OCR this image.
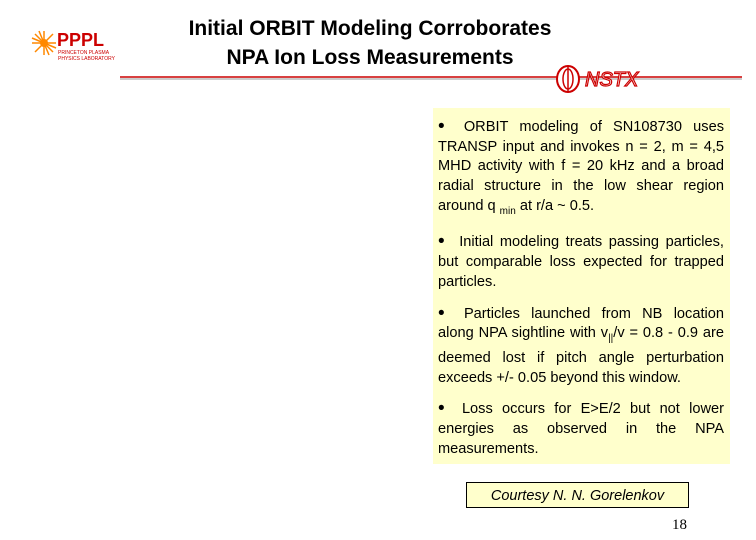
PPPL
PRINCETON PLASMA
PHYSICS LABORATORY
Initial ORBIT Modeling Corroborates
NPA Ion Loss Measurements
NSTX

• ORBIT modeling of SN108730 uses TRANSP input and invokes n = 2, m = 4,5 MHD activity with f = 20 kHz and a broad radial structure in the low shear region around q $_{min}$ at r/a ~ 0.5.

• Initial modeling treats passing particles, but comparable loss expected for trapped particles.

• Particles launched from NB location along NPA sightline with $v_{||}/v = 0.8 - 0.9$ are deemed lost if pitch angle perturbation exceeds +/- 0.05 beyond this window.

• Loss occurs for E>E/2 but not lower energies as observed in the NPA measurements.

Courtesy N. N. Gorelenkov
18
